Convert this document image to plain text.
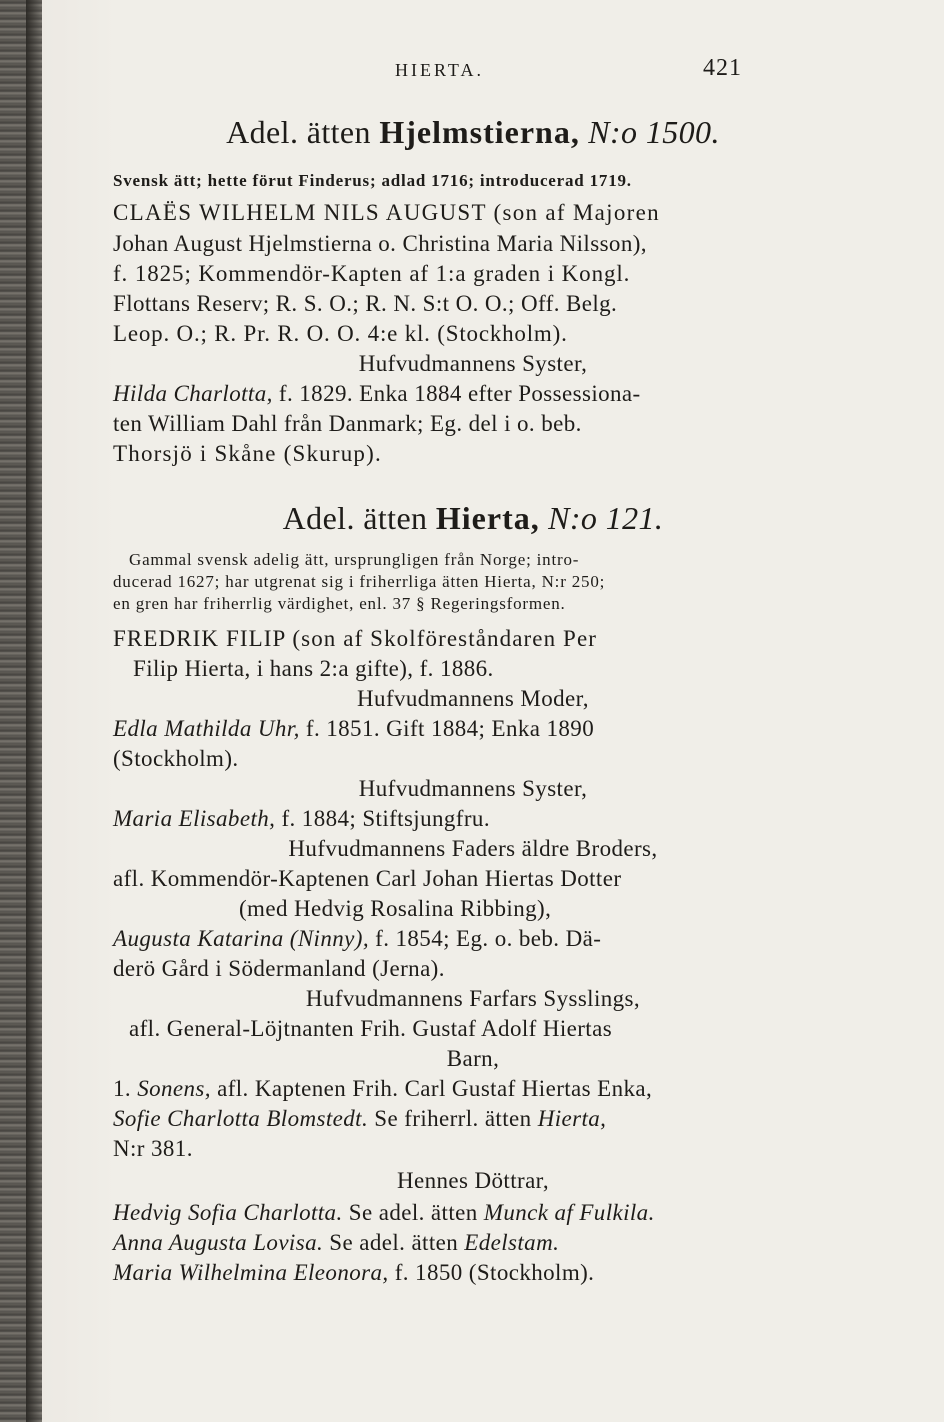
HIERTA.	421
Adel. ätten Hjelmstierna, N:o 1500.
Svensk ätt; hette förut Finderus; adlad 1716; introducerad 1719.
CLAËS WILHELM NILS AUGUST (son af Majoren
Johan August Hjelmstierna o. Christina Maria Nilsson),
f. 1825; Kommendör-Kapten af 1:a graden i Kongl.
Flottans Reserv; R. S. O.; R. N. S:t O. O.; Off. Belg.
Leop. O.; R. Pr. R. O. O. 4:e kl. (Stockholm).
Hufvudmannens Syster,
Hilda Charlotta, f. 1829. Enka 1884 efter Possessiona-
ten William Dahl från Danmark; Eg. del i o. beb.
Thorsjö i Skåne (Skurup).
Adel. ätten Hierta, N:o 121.
Gammal svensk adelig ätt, ursprungligen från Norge; intro-
ducerad 1627; har utgrenat sig i friherrliga ätten Hierta, N:r 250;
en gren har friherrlig värdighet, enl. 37 § Regeringsformen.
FREDRIK FILIP (son af Skolföreståndaren Per
Filip Hierta, i hans 2:a gifte), f. 1886.
Hufvudmannens Moder,
Edla Mathilda Uhr, f. 1851. Gift 1884; Enka 1890
(Stockholm).
Hufvudmannens Syster,
Maria Elisabeth, f. 1884; Stiftsjungfru.
Hufvudmannens Faders äldre Broders,
afl. Kommendör-Kaptenen Carl Johan Hiertas Dotter
(med Hedvig Rosalina Ribbing),
Augusta Katarina (Ninny), f. 1854; Eg. o. beb. Dä-
derö Gård i Södermanland (Jerna).
Hufvudmannens Farfars Sysslings,
afl. General-Löjtnanten Frih. Gustaf Adolf Hiertas
Barn,
1. Sonens, afl. Kaptenen Frih. Carl Gustaf Hiertas Enka,
Sofie Charlotta Blomstedt. Se friherrl. ätten Hierta,
N:r 381.
Hennes Döttrar,
Hedvig Sofia Charlotta. Se adel. ätten Munck af Fulkila.
Anna Augusta Lovisa. Se adel. ätten Edelstam.
Maria Wilhelmina Eleonora, f. 1850 (Stockholm).
